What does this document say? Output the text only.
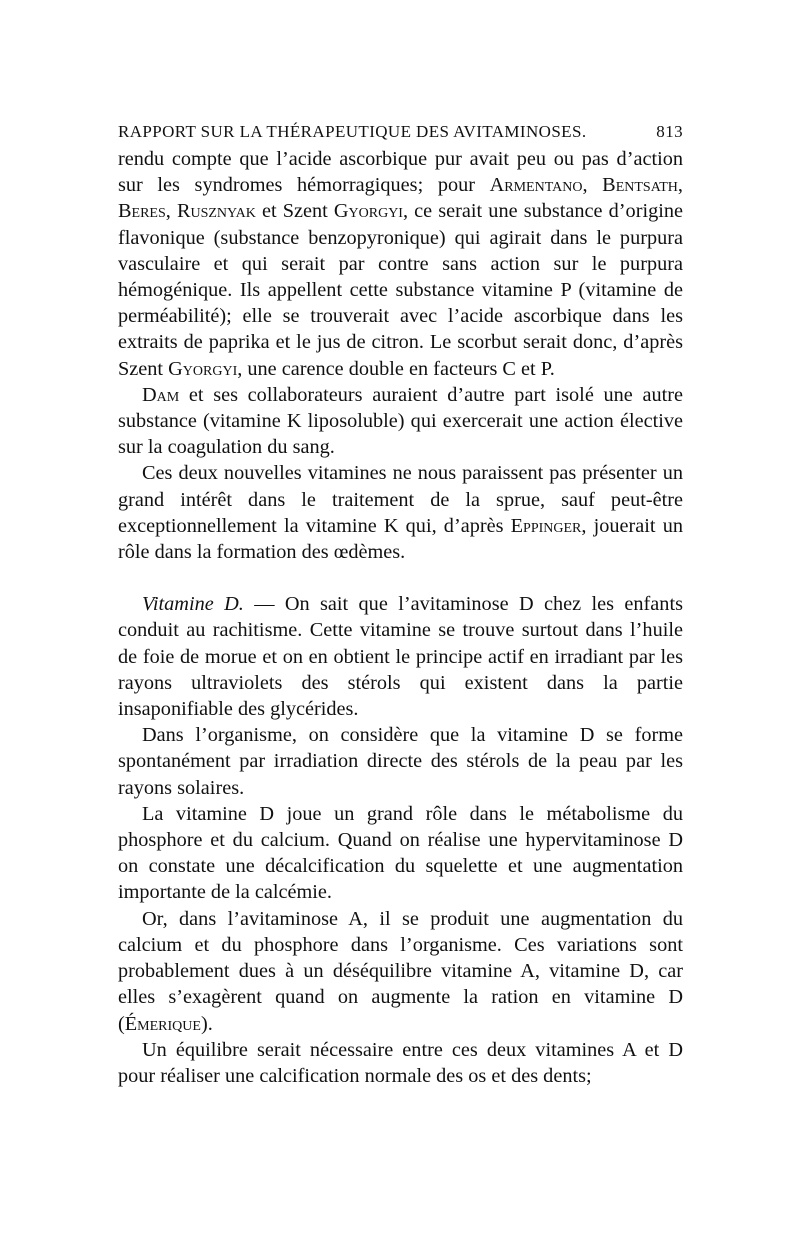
RAPPORT SUR LA THÉRAPEUTIQUE DES AVITAMINOSES.	813

rendu compte que l’acide ascorbique pur avait peu ou pas d’action sur les syndromes hémorragiques; pour Armentano, Bentsath, Beres, Rusznyak et Szent Gyorgyi, ce serait une substance d’origine flavonique (substance benzopyronique) qui agirait dans le purpura vasculaire et qui serait par contre sans action sur le purpura hémogénique. Ils appellent cette substance vitamine P (vitamine de perméabilité); elle se trouverait avec l’acide ascorbique dans les extraits de paprika et le jus de citron. Le scorbut serait donc, d’après Szent Gyorgyi, une carence double en facteurs C et P.

Dam et ses collaborateurs auraient d’autre part isolé une autre substance (vitamine K liposoluble) qui exercerait une action élective sur la coagulation du sang.

Ces deux nouvelles vitamines ne nous paraissent pas présenter un grand intérêt dans le traitement de la sprue, sauf peut-être exceptionnellement la vitamine K qui, d’après Eppinger, jouerait un rôle dans la formation des œdèmes.

Vitamine D. — On sait que l’avitaminose D chez les enfants conduit au rachitisme. Cette vitamine se trouve surtout dans l’huile de foie de morue et on en obtient le principe actif en irradiant par les rayons ultraviolets des stérols qui existent dans la partie insaponifiable des glycérides.

Dans l’organisme, on considère que la vitamine D se forme spontanément par irradiation directe des stérols de la peau par les rayons solaires.

La vitamine D joue un grand rôle dans le métabolisme du phosphore et du calcium. Quand on réalise une hypervitaminose D on constate une décalcification du squelette et une augmentation importante de la calcémie.

Or, dans l’avitaminose A, il se produit une augmentation du calcium et du phosphore dans l’organisme. Ces variations sont probablement dues à un déséquilibre vitamine A, vitamine D, car elles s’exagèrent quand on augmente la ration en vitamine D (Émerique).

Un équilibre serait nécessaire entre ces deux vitamines A et D pour réaliser une calcification normale des os et des dents;
